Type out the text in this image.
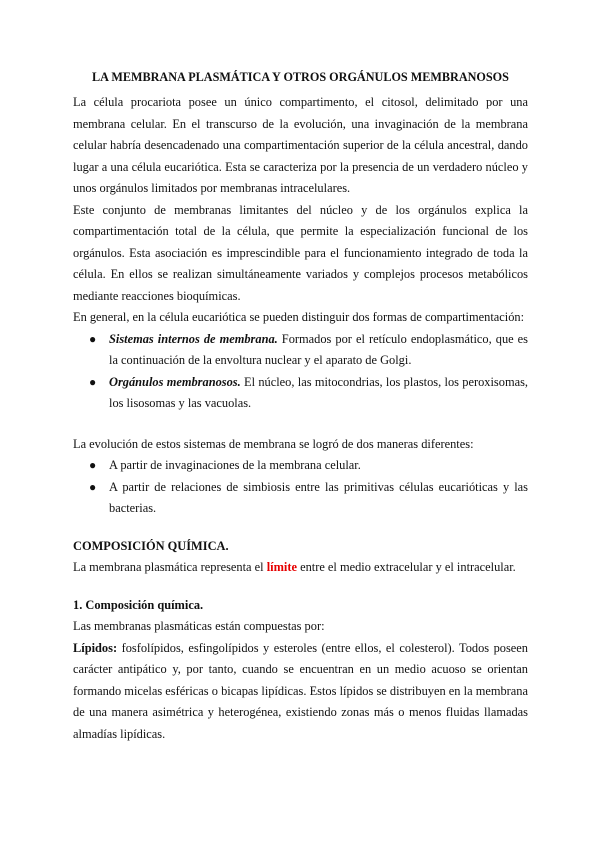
LA MEMBRANA PLASMÁTICA Y OTROS ORGÁNULOS MEMBRANOSOS

La célula procariota posee un único compartimento, el citosol, delimitado por una membrana celular. En el transcurso de la evolución, una invaginación de la membrana celular habría desencadenado una compartimentación superior de la célula ancestral, dando lugar a una célula eucariótica. Esta se caracteriza por la presencia de un verdadero núcleo y unos orgánulos limitados por membranas intracelulares.

Este conjunto de membranas limitantes del núcleo y de los orgánulos explica la compartimentación total de la célula, que permite la especialización funcional de los orgánulos. Esta asociación es imprescindible para el funcionamiento integrado de toda la célula. En ellos se realizan simultáneamente variados y complejos procesos metabólicos mediante reacciones bioquímicas.

En general, en la célula eucariótica se pueden distinguir dos formas de compartimentación:

● Sistemas internos de membrana. Formados por el retículo endoplasmático, que es la continuación de la envoltura nuclear y el aparato de Golgi.
● Orgánulos membranosos. El núcleo, las mitocondrias, los plastos, los peroxisomas, los lisosomas y las vacuolas.

La evolución de estos sistemas de membrana se logró de dos maneras diferentes:

● A partir de invaginaciones de la membrana celular.
● A partir de relaciones de simbiosis entre las primitivas células eucarióticas y las bacterias.

COMPOSICIÓN QUÍMICA.

La membrana plasmática representa el límite entre el medio extracelular y el intracelular.

1. Composición química.

Las membranas plasmáticas están compuestas por:

Lípidos: fosfolípidos, esfingolípidos y esteroles (entre ellos, el colesterol). Todos poseen carácter antipático y, por tanto, cuando se encuentran en un medio acuoso se orientan formando micelas esféricas o bicapas lipídicas. Estos lípidos se distribuyen en la membrana de una manera asimétrica y heterogénea, existiendo zonas más o menos fluidas llamadas almadías lipídicas.
